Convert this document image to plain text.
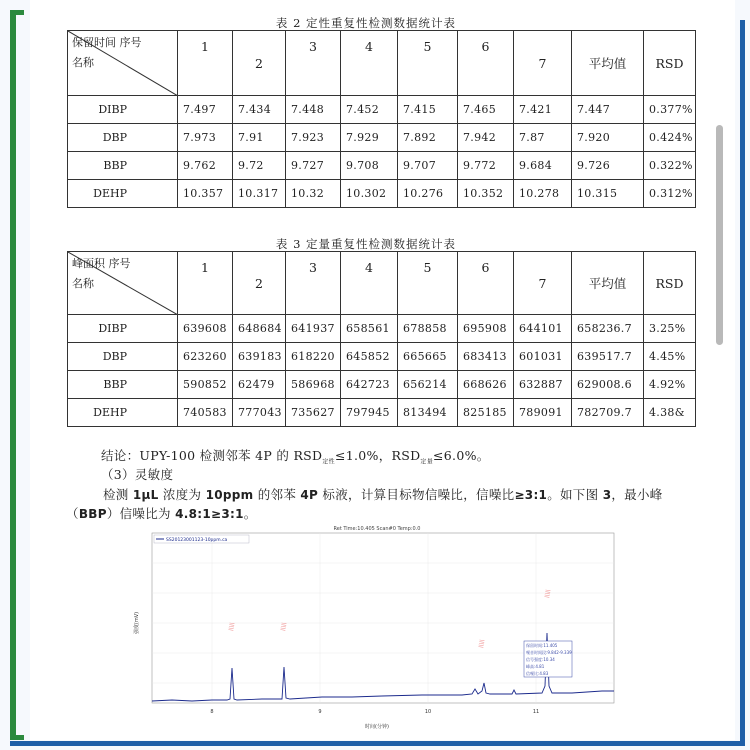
表 2 定性重复性检测数据统计表
保留时间 序号
名称	1	2	3	4	5	6	7	平均值	RSD
DIBP	7.497	7.434	7.448	7.452	7.415	7.465	7.421	7.447	0.377%
DBP	7.973	7.91	7.923	7.929	7.892	7.942	7.87	7.920	0.424%
BBP	9.762	9.72	9.727	9.708	9.707	9.772	9.684	9.726	0.322%
DEHP	10.357	10.317	10.32	10.302	10.276	10.352	10.278	10.315	0.312%
表 3 定量重复性检测数据统计表
峰面积 序号
名称	1	2	3	4	5	6	7	平均值	RSD
DIBP	639608	648684	641937	658561	678858	695908	644101	658236.7	3.25%
DBP	623260	639183	618220	645852	665665	683413	601031	639517.7	4.45%
BBP	590852	62479	586968	642723	656214	668626	632887	629008.6	4.92%
DEHP	740583	777043	735627	797945	813494	825185	789091	782709.7	4.38&
结论：UPY-100 检测邻苯 4P 的 $RSD_{定性}\le 1.0\%$，$RSD_{定量}\le 6.0\%$。
（3）灵敏度
检测 1μL 浓度为 10ppm 的邻苯 4P 标液，计算目标物信噪比，信噪比≥3:1。如下图 3，最小峰
（BBP）信噪比为 4.8:1≥3:1。
Ret Time:10.405 Scan#0 Temp:0.0
SS20123001123-10ppm.ca
强度(mV)
时间(分钟)
8	9	10	11
|||||	|||||
|||||
|||||
保留时间:11.405
噪音时间段:9.842-9.339
信号强度:10.34
峰高:4.81
信噪比:4.83
